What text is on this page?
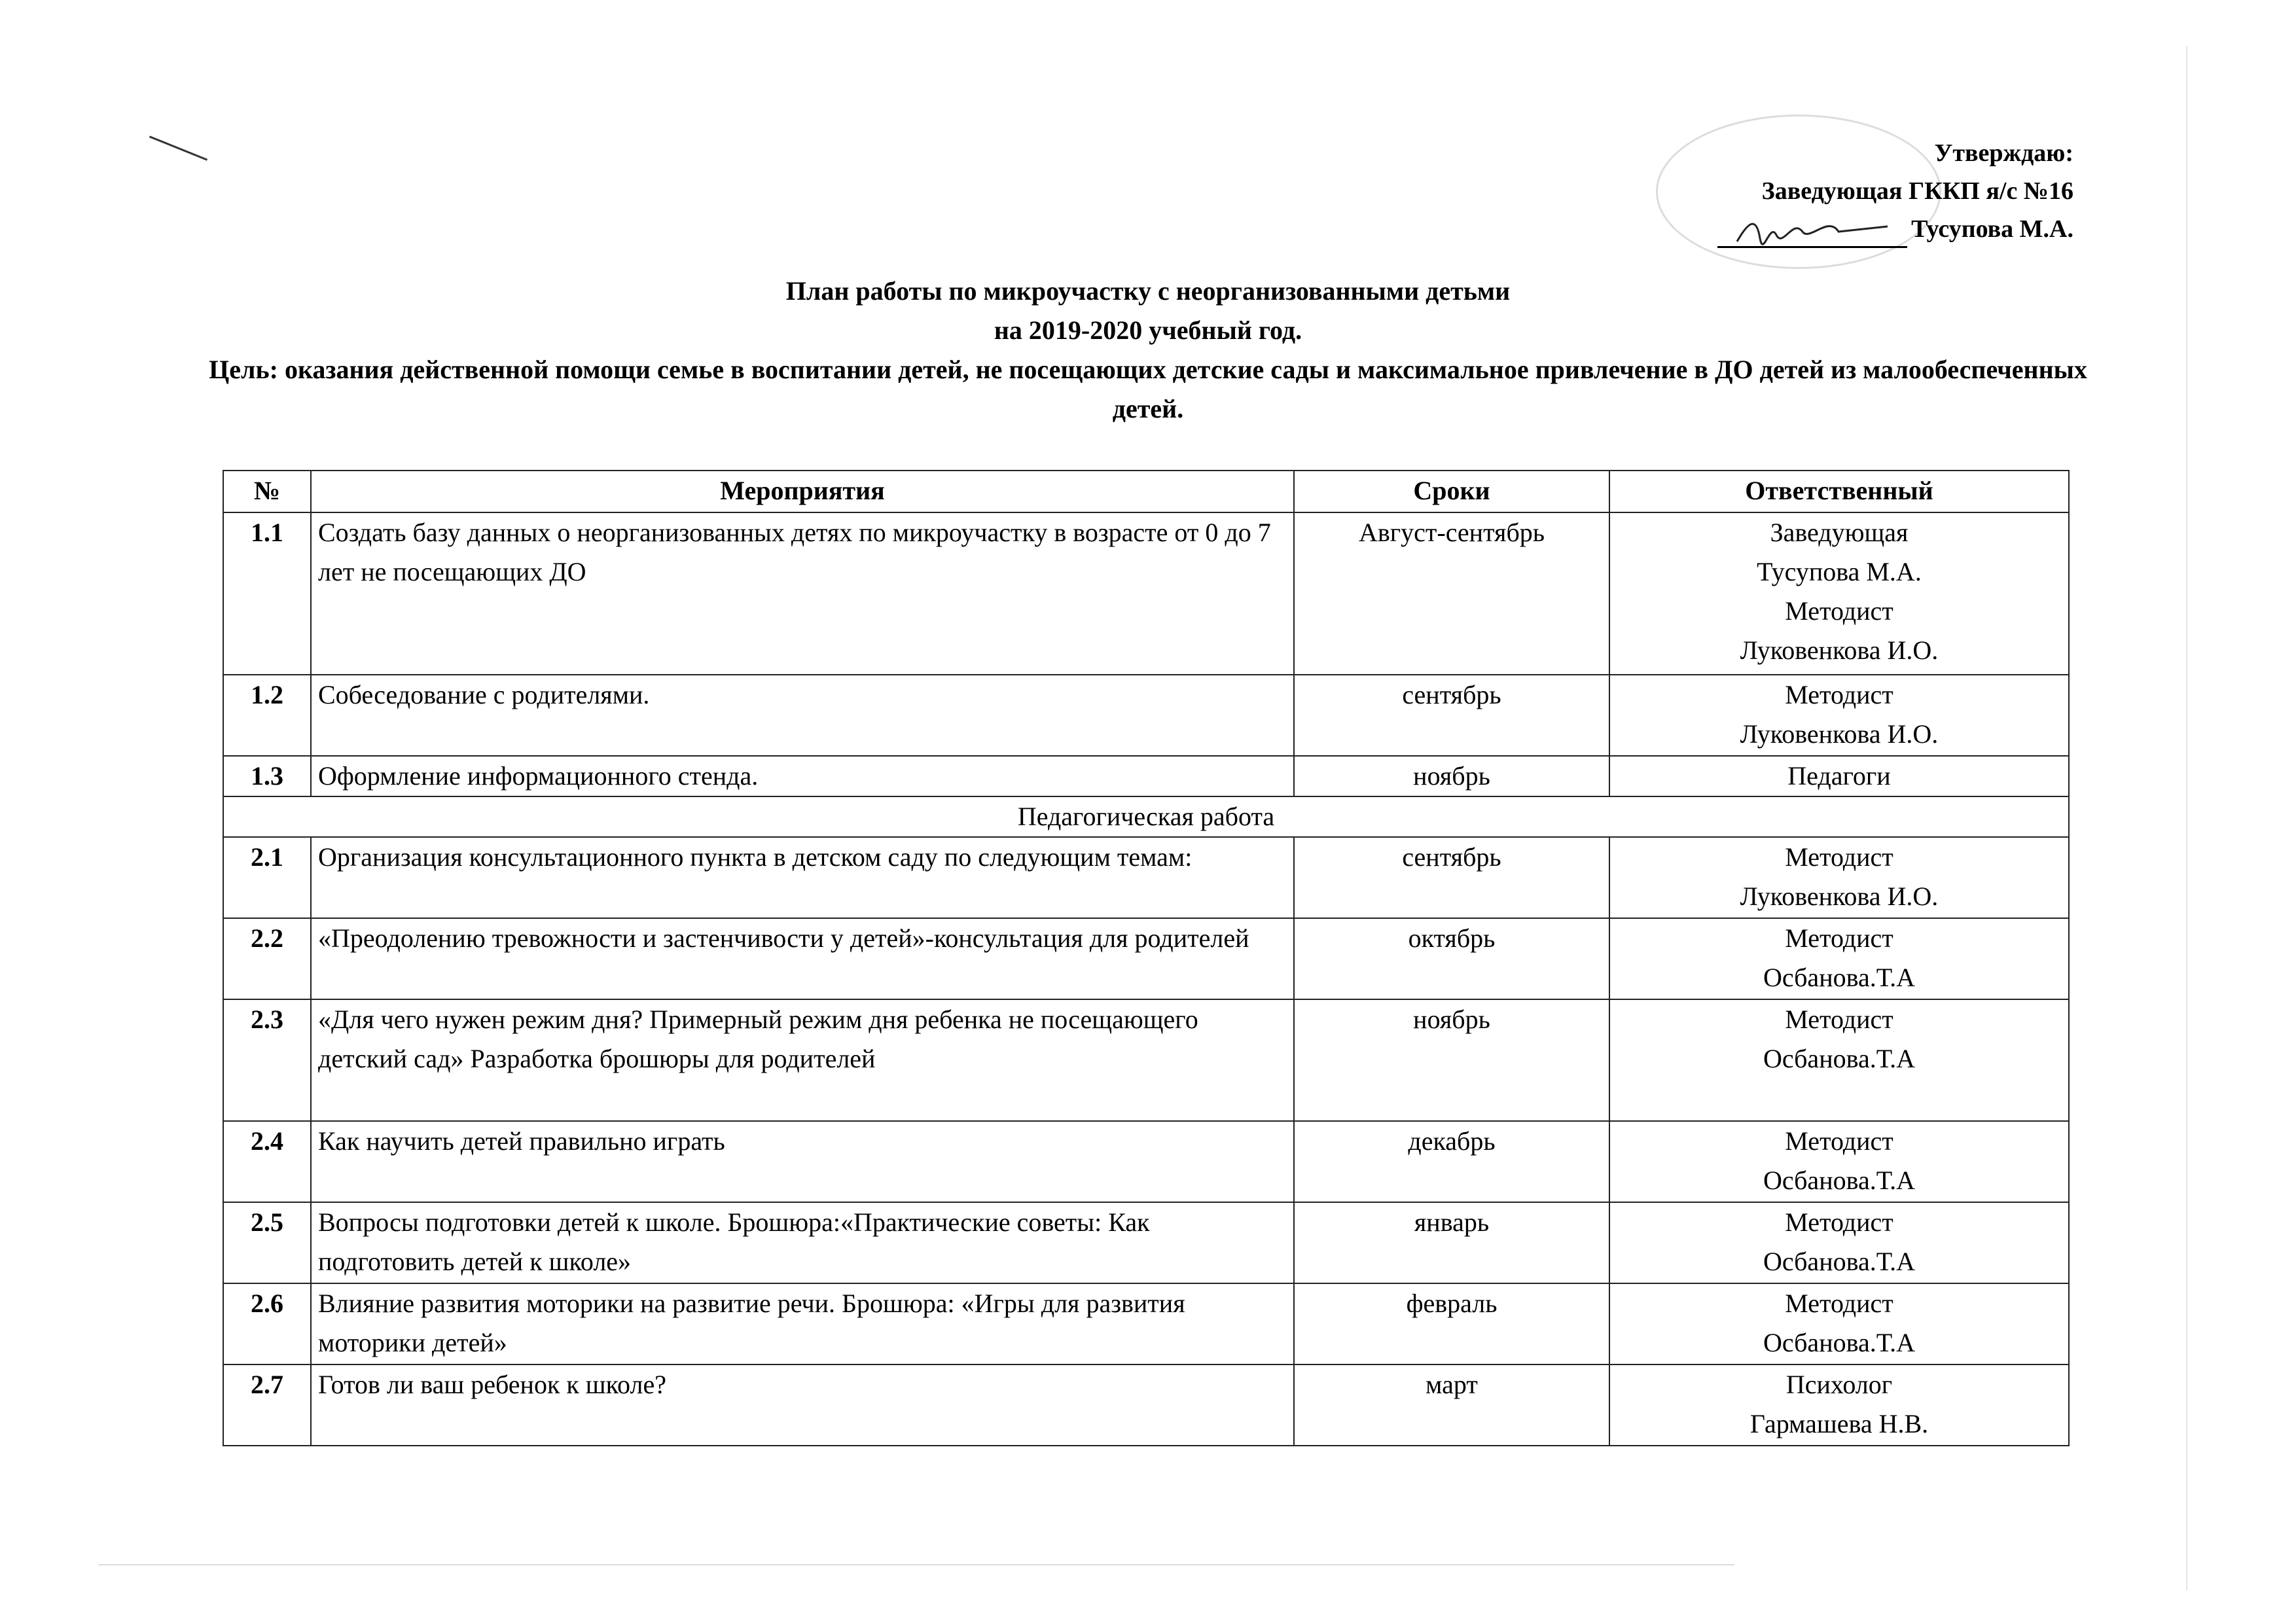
Утверждаю:
Заведующая ГККП я/с №16
Тусупова М.А.
План работы по микроучастку с неорганизованными детьми
на 2019-2020 учебный год.
Цель: оказания действенной помощи семье в воспитании детей, не посещающих детские сады и максимальное привлечение в ДО детей из малообеспеченных детей.
№	Мероприятия	Сроки	Ответственный
1.1	Создать базу данных о неорганизованных детях по микроучастку в возрасте от 0 до 7 лет не посещающих ДО	Август-сентябрь	Заведующая
Тусупова М.А.
Методист
Луковенкова И.О.

1.2	Собеседование с родителями.	сентябрь	Методист
Луковенкова И.О.

1.3	Оформление информационного стенда.	ноябрь	Педагоги

Педагогическая работа			
2.1	Организация консультационного пункта в детском саду по следующим темам:	сентябрь	Методист
Луковенкова И.О.

2.2	«Преодолению тревожности и застенчивости у детей»-консультация для родителей	октябрь	Методист
Осбанова.Т.А

2.3	«Для чего нужен режим дня? Примерный режим дня ребенка не посещающего детский сад» Разработка брошюры для родителей	ноябрь	Методист
Осбанова.Т.А

2.4	Как научить детей правильно играть	декабрь	Методист
Осбанова.Т.А

2.5	Вопросы подготовки детей к школе. Брошюра:«Практические советы: Как подготовить детей к школе»	январь	Методист
Осбанова.Т.А

2.6	Влияние развития моторики на развитие речи. Брошюра: «Игры для развития моторики детей»	февраль	Методист
Осбанова.Т.А

2.7	Готов ли ваш ребенок к школе?	март	Психолог
Гармашева Н.В.
